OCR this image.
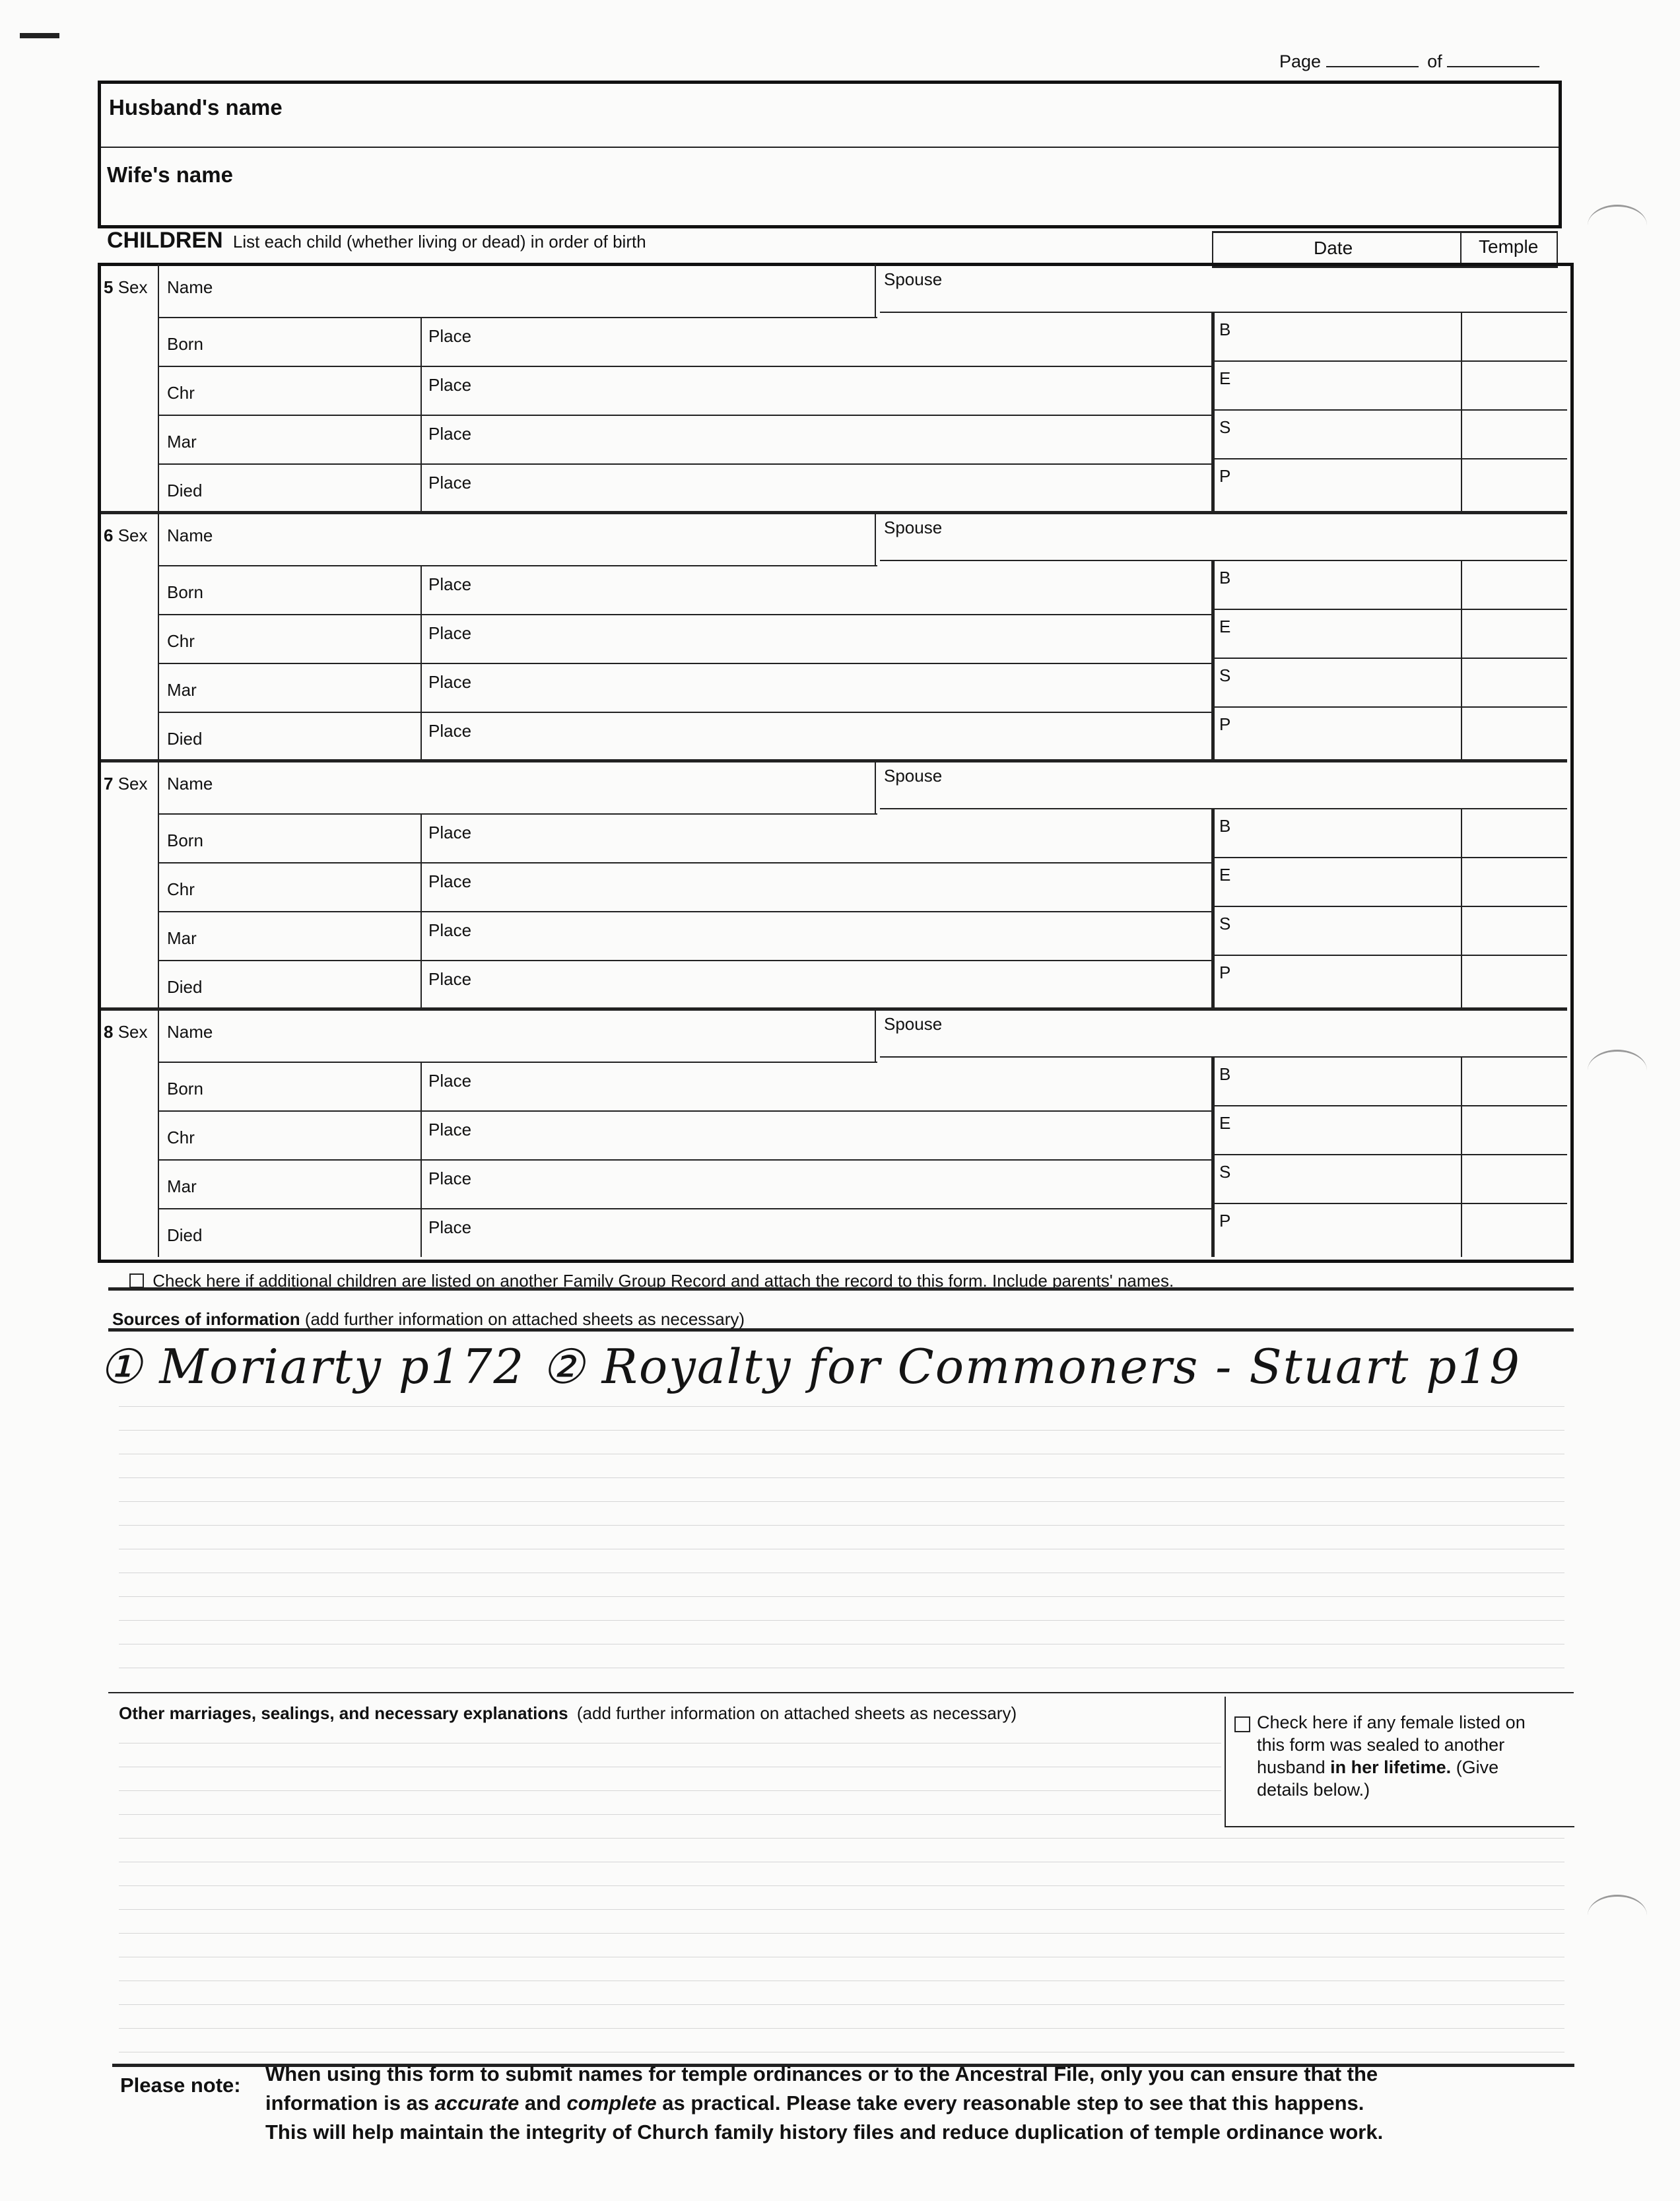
Page	of
Husband's name
Wife's name
CHILDREN List each child (whether living or dead) in order of birth	Date	Temple
5 Sex Name	Spouse
Born	Place	B
Chr	Place	E
Mar	Place	S
Died	Place	P
6 Sex Name	Spouse
Born	Place	B
Chr	Place	E
Mar	Place	S
Died	Place	P
7 Sex Name	Spouse
Born	Place	B
Chr	Place	E
Mar	Place	S
Died	Place	P
8 Sex Name	Spouse
Born	Place	B
Chr	Place	E
Mar	Place	S
Died	Place	P
Check here if additional children are listed on another Family Group Record and attach the record to this form. Include parents' names.
Sources of information (add further information on attached sheets as necessary)
① Moriarty p172 ② Royalty for Commoners - Stuart p19
Other marriages, sealings, and necessary explanations (add further information on attached sheets as necessary)	Check here if any female listed on this form was sealed to another husband in her lifetime. (Give details below.)
Please note: When using this form to submit names for temple ordinances or to the Ancestral File, only you can ensure that the
information is as accurate and complete as practical. Please take every reasonable step to see that this happens.
This will help maintain the integrity of Church family history files and reduce duplication of temple ordinance work.
